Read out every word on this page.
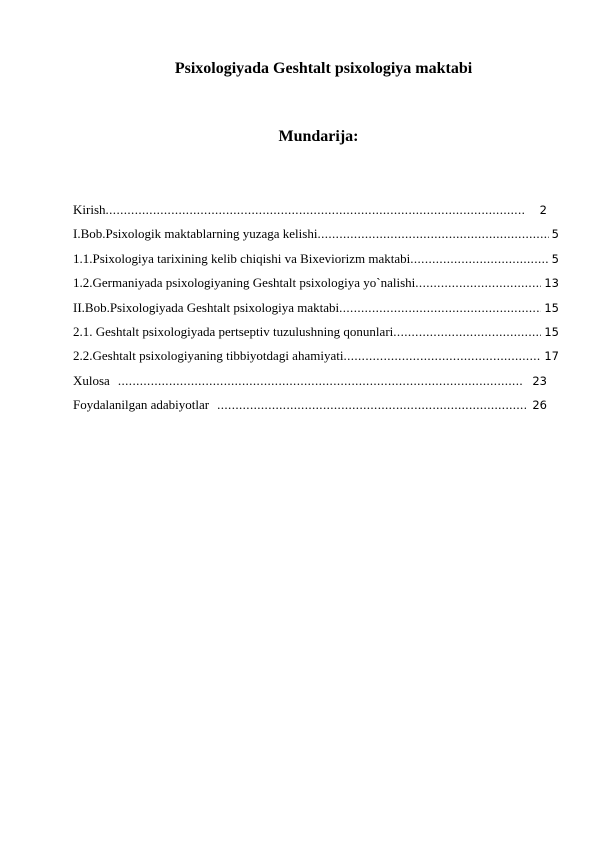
Psixologiyada Geshtalt psixologiya maktabi
Mundarija:
Kirish .....	2
I.Bob.Psixologik maktablarning yuzaga kelishi .....	5
1.1.Psixologiya tarixining kelib chiqishi va Bixeviorizm maktabi .....	5
1.2.Germaniyada psixologiyaning Geshtalt psixologiya yo`nalishi .....	13
II.Bob.Psixologiyada Geshtalt psixologiya maktabi .....	15
2.1. Geshtalt psixologiyada pertseptiv tuzulushning qonunlari .....	15
2.2.Geshtalt psixologiyaning tibbiyotdagi ahamiyati .....	17
Xulosa .....	23
Foydalanilgan adabiyotlar .....	26
